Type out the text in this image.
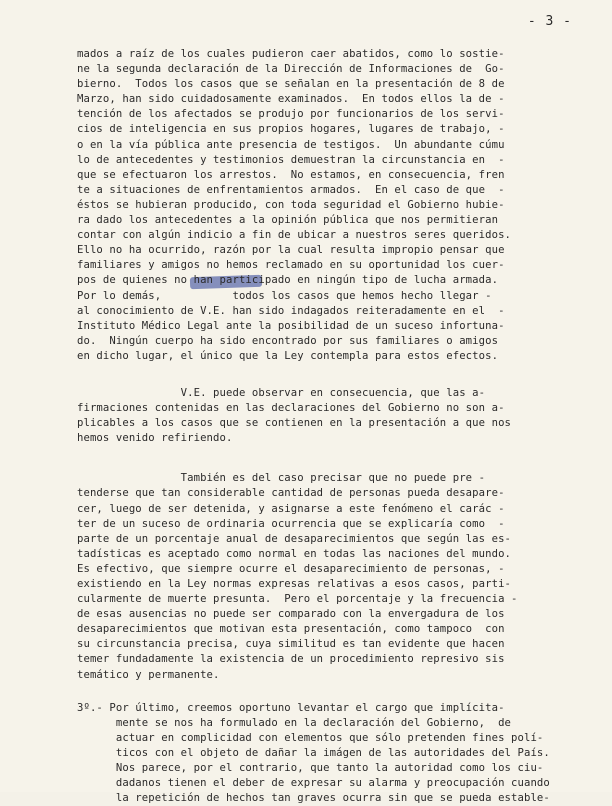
- 3 -

mados a raíz de los cuales pudieron caer abatidos, como lo sostie-
ne la segunda declaración de la Dirección de Informaciones de  Go-
bierno.  Todos los casos que se señalan en la presentación de 8 de
Marzo, han sido cuidadosamente examinados.  En todos ellos la de -
tención de los afectados se produjo por funcionarios de los servi-
cios de inteligencia en sus propios hogares, lugares de trabajo, -
o en la vía pública ante presencia de testigos.  Un abundante cúmu
lo de antecedentes y testimonios demuestran la circunstancia en  -
que se efectuaron los arrestos.  No estamos, en consecuencia, fren
te a situaciones de enfrentamientos armados.  En el caso de que  -
éstos se hubieran producido, con toda seguridad el Gobierno hubie-
ra dado los antecedentes a la opinión pública que nos permitieran
contar con algún indicio a fin de ubicar a nuestros seres queridos.
Ello no ha ocurrido, razón por la cual resulta impropio pensar que
familiares y amigos no hemos reclamado en su oportunidad los cuer-
pos de quienes no han participado en ningún tipo de lucha armada.
Por lo demás,           todos los casos que hemos hecho llegar -
al conocimiento de V.E. han sido indagados reiteradamente en el  -
Instituto Médico Legal ante la posibilidad de un suceso infortuna-
do.  Ningún cuerpo ha sido encontrado por sus familiares o amigos
en dicho lugar, el único que la Ley contempla para estos efectos.

V.E. puede observar en consecuencia, que las a-
firmaciones contenidas en las declaraciones del Gobierno no son a-
plicables a los casos que se contienen en la presentación a que nos
hemos venido refiriendo.

También es del caso precisar que no puede pre -
tenderse que tan considerable cantidad de personas pueda desapare-
cer, luego de ser detenida, y asignarse a este fenómeno el carác -
ter de un suceso de ordinaria ocurrencia que se explicaría como  -
parte de un porcentaje anual de desaparecimientos que según las es-
tadísticas es aceptado como normal en todas las naciones del mundo.
Es efectivo, que siempre ocurre el desaparecimiento de personas, -
existiendo en la Ley normas expresas relativas a esos casos, parti-
cularmente de muerte presunta.  Pero el porcentaje y la frecuencia -
de esas ausencias no puede ser comparado con la envergadura de los
desaparecimientos que motivan esta presentación, como tampoco  con
su circunstancia precisa, cuya similitud es tan evidente que hacen
temer fundadamente la existencia de un procedimiento represivo sis
temático y permanente.

3º.- Por último, creemos oportuno levantar el cargo que implícita-
mente se nos ha formulado en la declaración del Gobierno,  de
actuar en complicidad con elementos que sólo pretenden fines polí-
ticos con el objeto de dañar la imágen de las autoridades del País.
Nos parece, por el contrario, que tanto la autoridad como los ciu-
dadanos tienen el deber de expresar su alarma y preocupación cuando
la repetición de hechos tan graves ocurra sin que se pueda estable-
